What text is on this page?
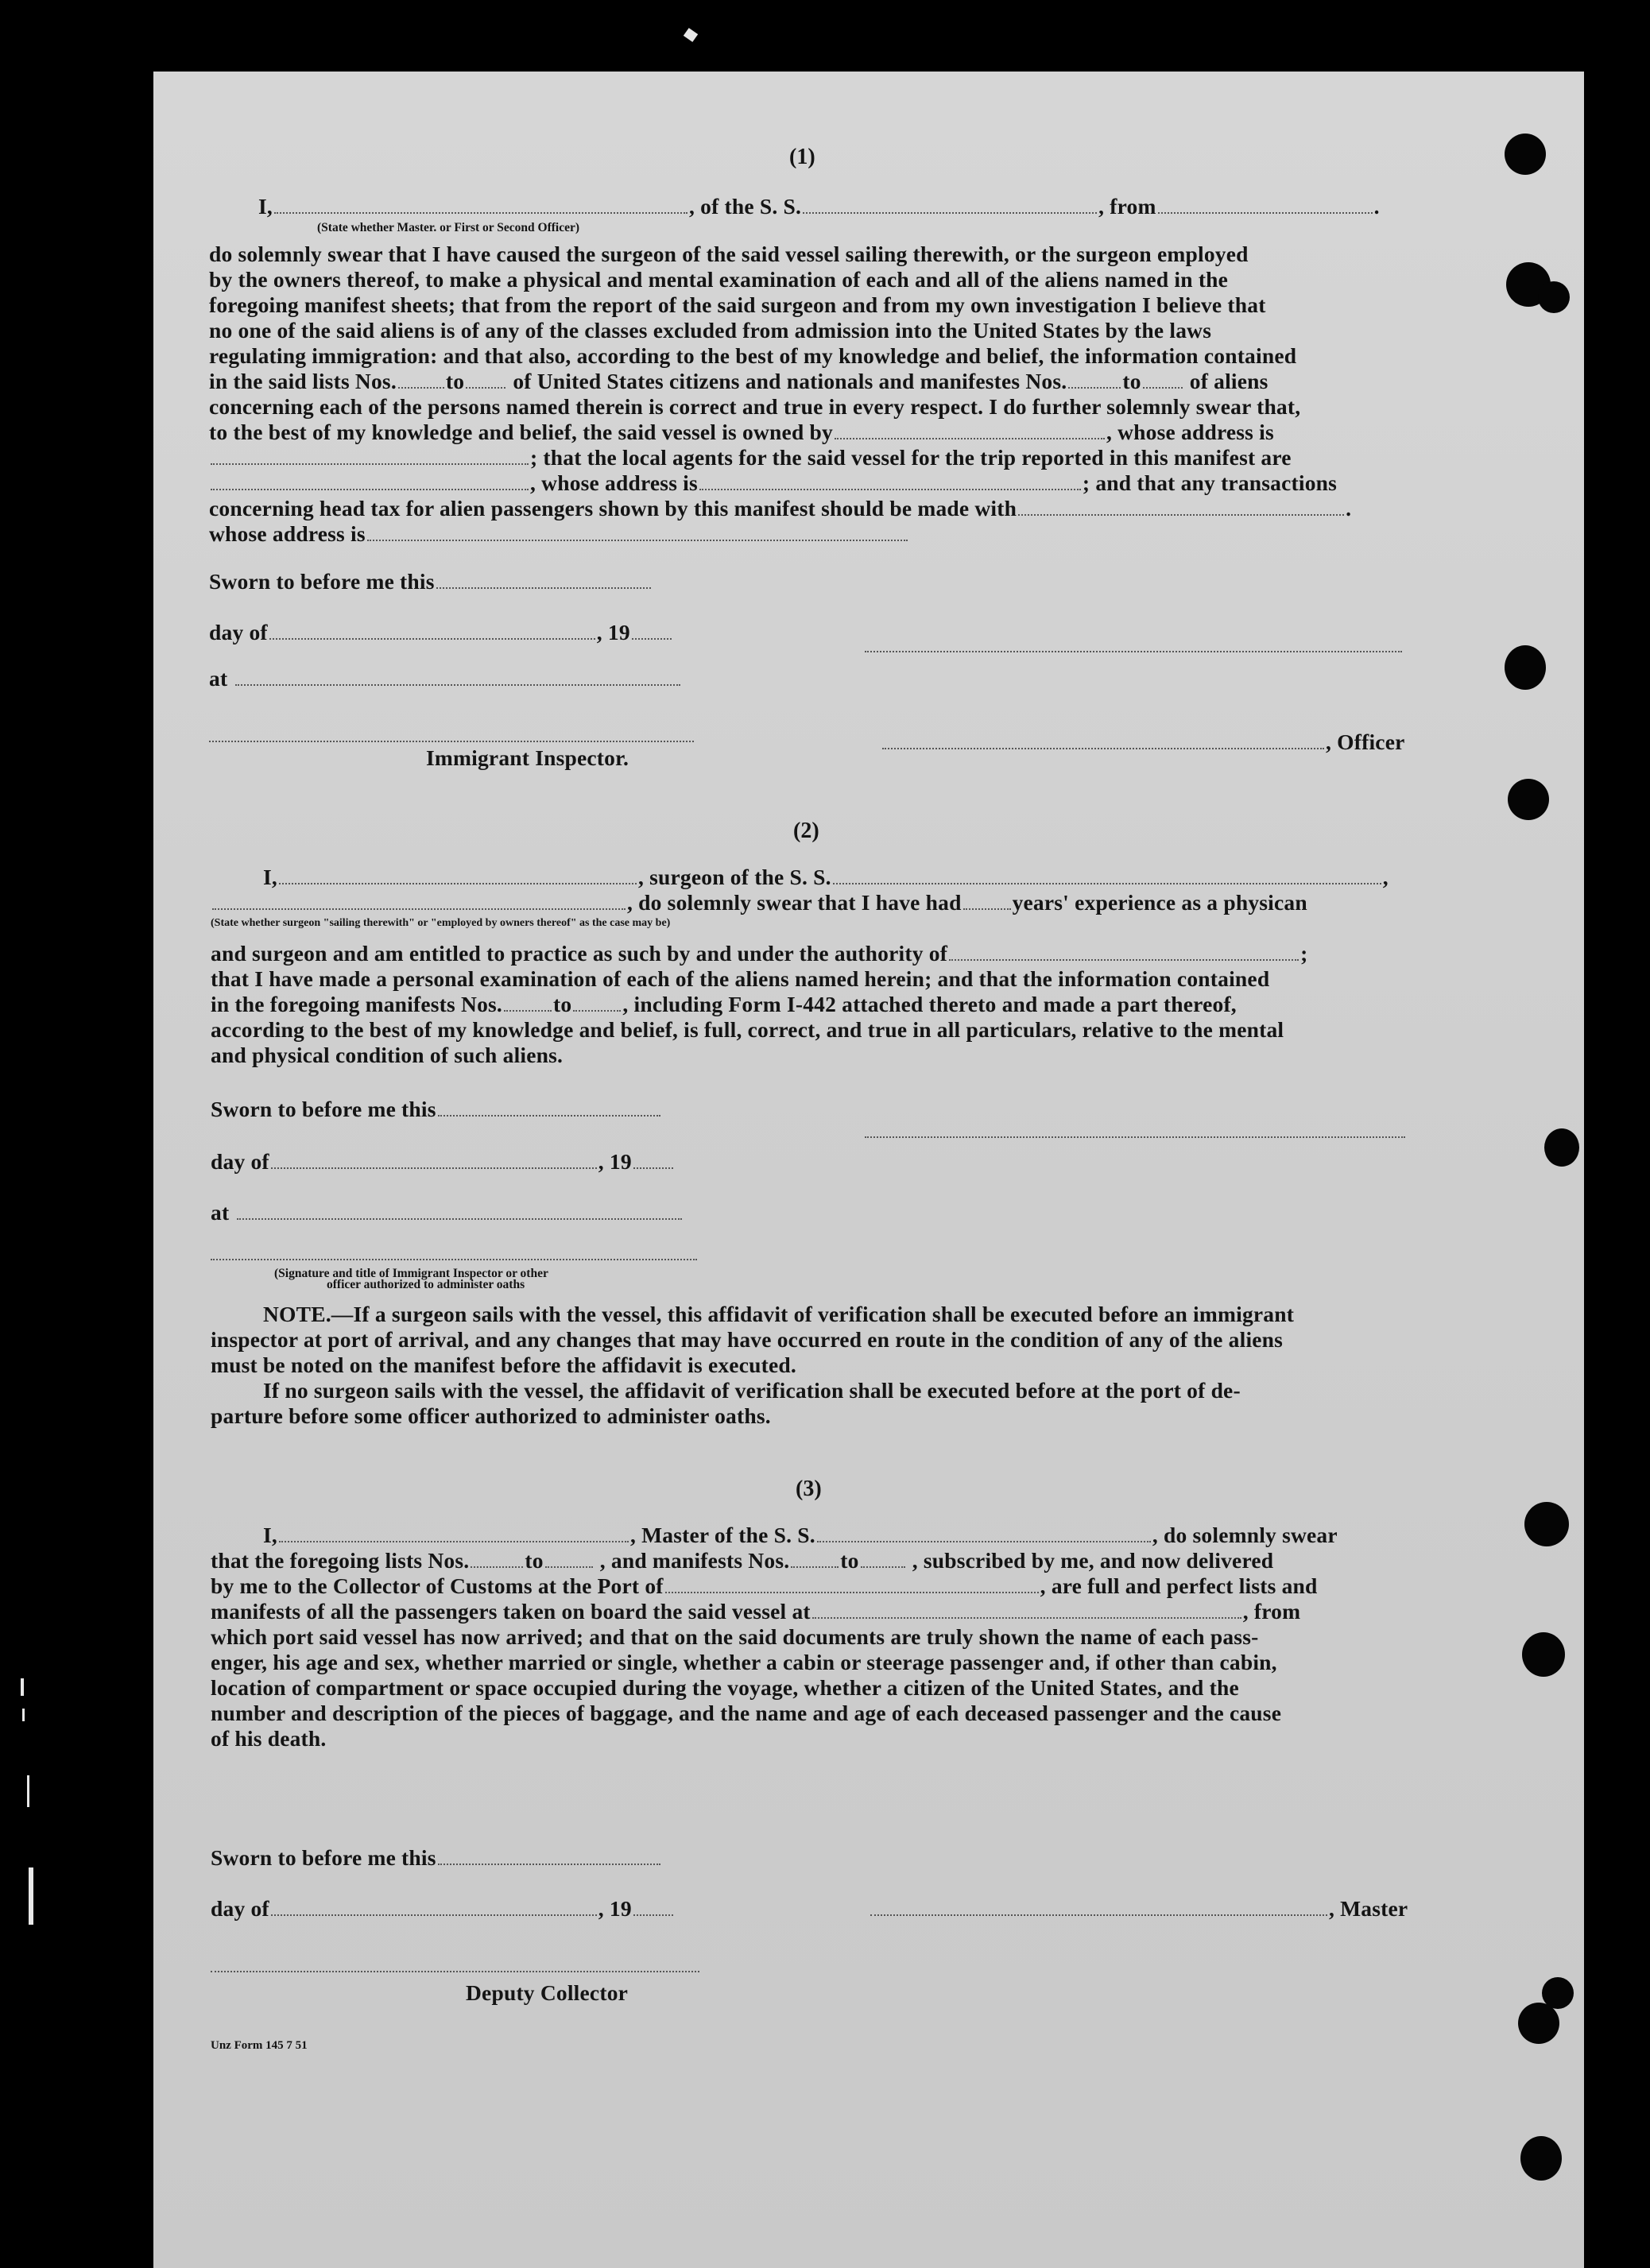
(1)
I,	, of the S. S.	, from	.
(State whether Master. or First or Second Officer)
do solemnly swear that I have caused the surgeon of the said vessel sailing therewith, or the surgeon employed
by the owners thereof, to make a physical and mental examination of each and all of the aliens named in the
foregoing manifest sheets; that from the report of the said surgeon and from my own investigation I believe that
no one of the said aliens is of any of the classes excluded from admission into the United States by the laws
regulating immigration: and that also, according to the best of my knowledge and belief, the information contained
in the said lists Nos. to of United States citizens and nationals and manifestes Nos.	to of aliens
concerning each of the persons named therein is correct and true in every respect. I do further solemnly swear that,
to the best of my knowledge and belief, the said vessel is owned by	, whose address is
; that the local agents for the said vessel for the trip reported in this manifest are
, whose address is	; and that any transactions
concerning head tax for alien passengers shown by this manifest should be made with	.
whose address is
Sworn to before me this
day of	, 19
at
, Officer
Immigrant Inspector.
(2)
I,	, surgeon of the S. S.	,
, do solemnly swear that I have had years' experience as a physican
(State whether surgeon "sailing therewith" or "employed by owners thereof" as the case may be)
and surgeon and am entitled to practice as such by and under the authority of	;
that I have made a personal examination of each of the aliens named herein; and that the information contained
in the foregoing manifests Nos. to , including Form I-442 attached thereto and made a part thereof,
according to the best of my knowledge and belief, is full, correct, and true in all particulars, relative to the mental
and physical condition of such aliens.
Sworn to before me this
day of	, 19
at
(Signature and title of Immigrant Inspector or other
officer authorized to administer oaths
NOTE.—If a surgeon sails with the vessel, this affidavit of verification shall be executed before an immigrant
inspector at port of arrival, and any changes that may have occurred en route in the condition of any of the aliens
must be noted on the manifest before the affidavit is executed.
If no surgeon sails with the vessel, the affidavit of verification shall be executed before at the port of de-
parture before some officer authorized to administer oaths.
(3)
I,	, Master of the S. S.	, do solemnly swear
that the foregoing lists Nos.	to	, and manifests Nos. to , subscribed by me, and now delivered
by me to the Collector of Customs at the Port of	, are full and perfect lists and
manifests of all the passengers taken on board the said vessel at	, from
which port said vessel has now arrived; and that on the said documents are truly shown the name of each pass-
enger, his age and sex, whether married or single, whether a cabin or steerage passenger and, if other than cabin,
location of compartment or space occupied during the voyage, whether a citizen of the United States, and the
number and description of the pieces of baggage, and the name and age of each deceased passenger and the cause
of his death.
Sworn to before me this
day of	, 19	, Master
Deputy Collector
Unz Form 145 7 51
